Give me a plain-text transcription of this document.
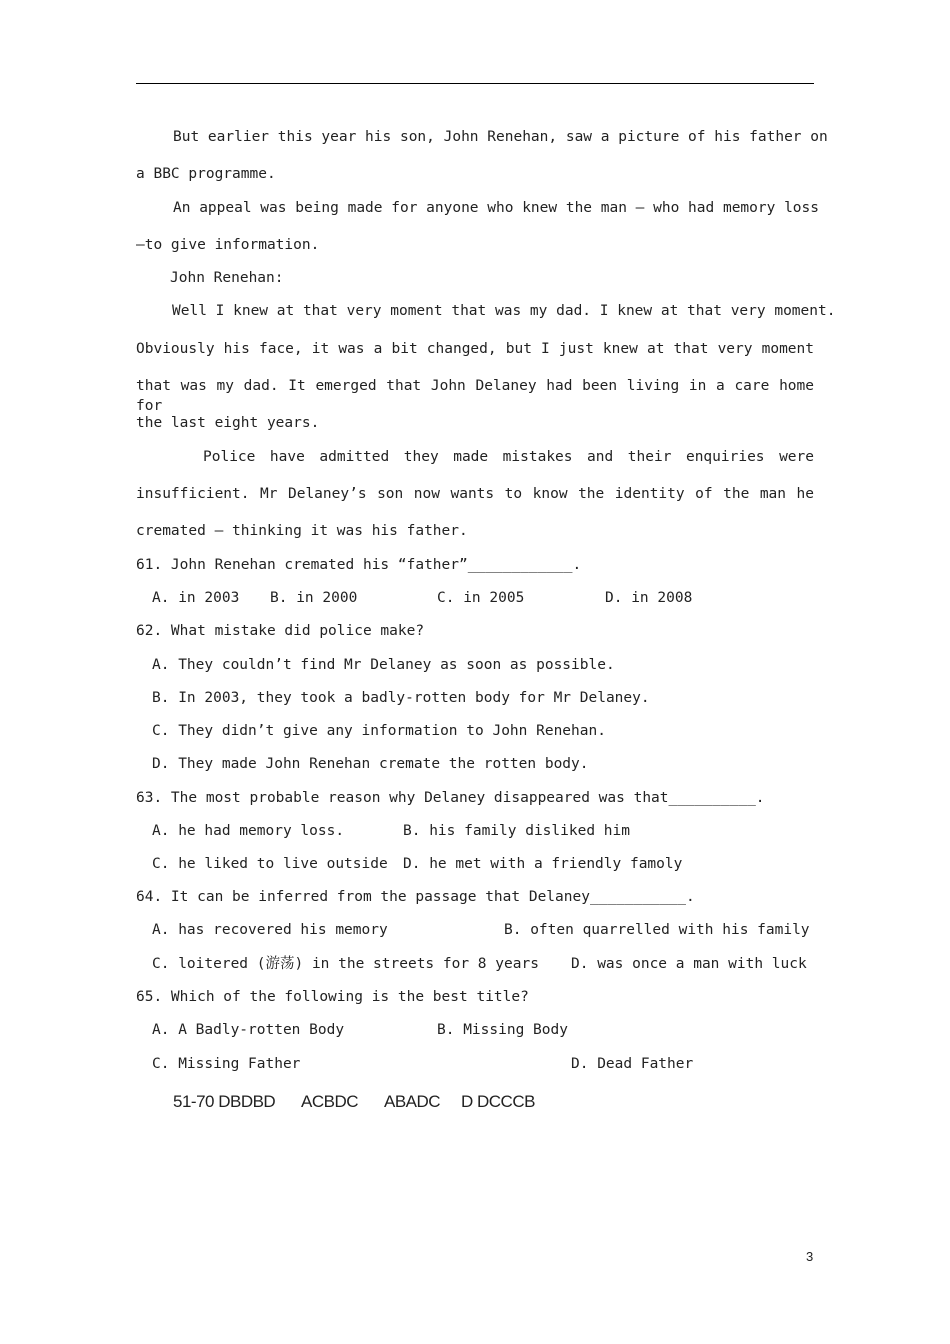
But earlier this year his son, John Renehan, saw a picture of his father on
a BBC programme.
An appeal was being made for anyone who knew the man — who had memory loss
—to give information.
John Renehan:
Well I knew at that very moment that was my dad. I knew at that very moment.
Obviously his face, it was a bit changed, but I just knew at that very moment
that was my dad. It emerged that John Delaney had been living in a care home for
the last eight years.
Police have admitted they made mistakes and their enquiries were
insufficient. Mr Delaney’s son now wants to know the identity of the man he
cremated — thinking it was his father.
61. John Renehan cremated his “father”____________.
A. in 2003 B. in 2000	C. in 2005	D. in 2008
62. What mistake did police make?
A. They couldn’t find Mr Delaney as soon as possible.
B. In 2003, they took a badly-rotten body for Mr Delaney.
C. They didn’t give any information to John Renehan.
D. They made John Renehan cremate the rotten body.
63. The most probable reason why Delaney disappeared was that__________.
A. he had memory loss.	B. his family disliked him
C. he liked to live outside D. he met with a friendly famoly
64. It can be inferred from the passage that Delaney___________.
A. has recovered his memory	B. often quarrelled with his family
C. loitered (游荡) in the streets for 8 years D. was once a man with luck
65. Which of the following is the best title?
A. A Badly-rotten Body	B. Missing Body
C. Missing Father	D. Dead Father
51-70 DBDBD ACBDC ABADC D DCCCB
3
